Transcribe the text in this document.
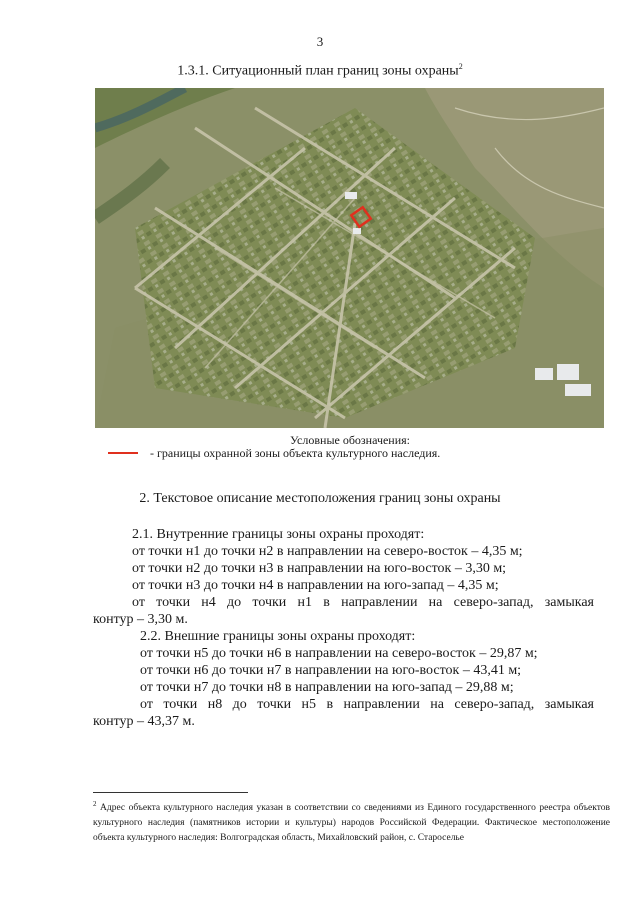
3
1.3.1. Ситуационный план границ зоны охраны$^2$
Условные обозначения:
- границы охранной зоны объекта культурного наследия.
2. Текстовое описание местоположения границ зоны охраны
2.1. Внутренние границы зоны охраны проходят:
от точки н1 до точки н2 в направлении на северо-восток – 4,35 м;
от точки н2 до точки н3 в направлении на юго-восток – 3,30 м;
от точки н3 до точки н4 в направлении на юго-запад – 4,35 м;
от точки н4 до точки н1 в направлении на северо-запад, замыкая
контур – 3,30 м.
2.2. Внешние границы зоны охраны проходят:
от точки н5 до точки н6 в направлении на северо-восток – 29,87 м;
от точки н6 до точки н7 в направлении на юго-восток – 43,41 м;
от точки н7 до точки н8 в направлении на юго-запад – 29,88 м;
от точки н8 до точки н5 в направлении на северо-запад, замыкая
контур – 43,37 м.
$^2$ Адрес объекта культурного наследия указан в соответствии со сведениями из Единого государственного реестра объектов культурного наследия (памятников истории и культуры) народов Российской Федерации. Фактическое местоположение объекта культурного наследия: Волгоградская область, Михайловский район, с. Староселье
